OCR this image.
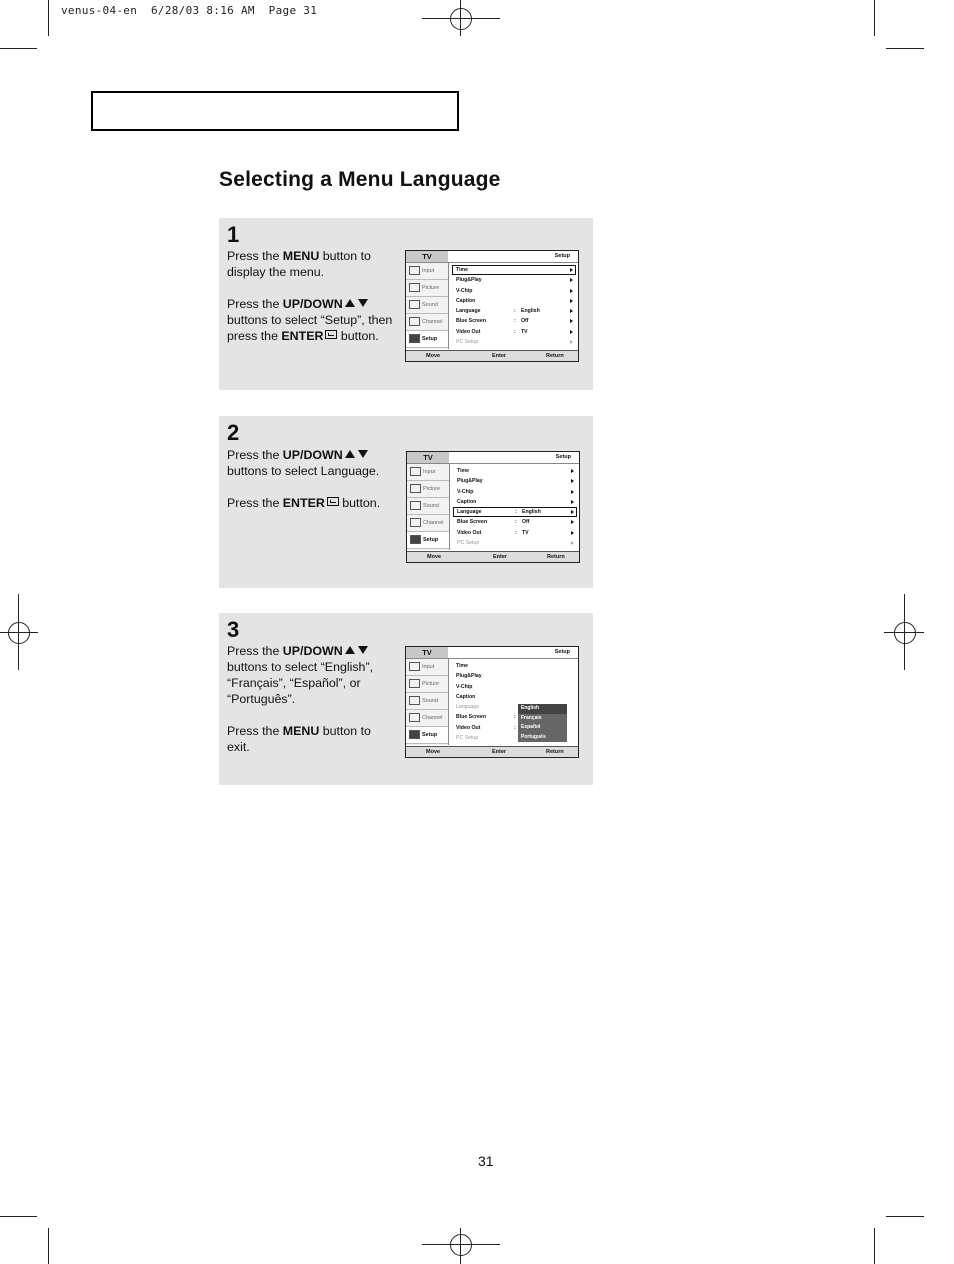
venus-04-en  6/28/03 8:16 AM  Page 31
Selecting a Menu Language
1

Press the MENU button to display the menu.

Press the UP/DOWN buttons to select “Setup”, then press the ENTER button.

TV	Setup
Input
Picture
Sound
Channel
Setup
Time
Plug&Play
V-Chip
Caption
Language	: English
Blue Screen	: Off
Video Out	: TV
PC Setup
Move	Enter	Return
2

Press the UP/DOWN buttons to select Language.

Press the ENTER button.

TV	Setup
Input
Picture
Sound
Channel
Setup
Time
Plug&Play
V-Chip
Caption
Language	: English
Blue Screen	: Off
Video Out	: TV
PC Setup
Move	Enter	Return
3

Press the UP/DOWN buttons to select “English”, “Français”, “Español”, or “Português”.

Press the MENU button to exit.

TV	Setup
Input
Picture
Sound
Channel
Setup
Time
Plug&Play
V-Chip
Caption
Language	:
Blue Screen	:
Video Out	:
PC Setup
English
Français
Español
Português
Move	Enter	Return
31
